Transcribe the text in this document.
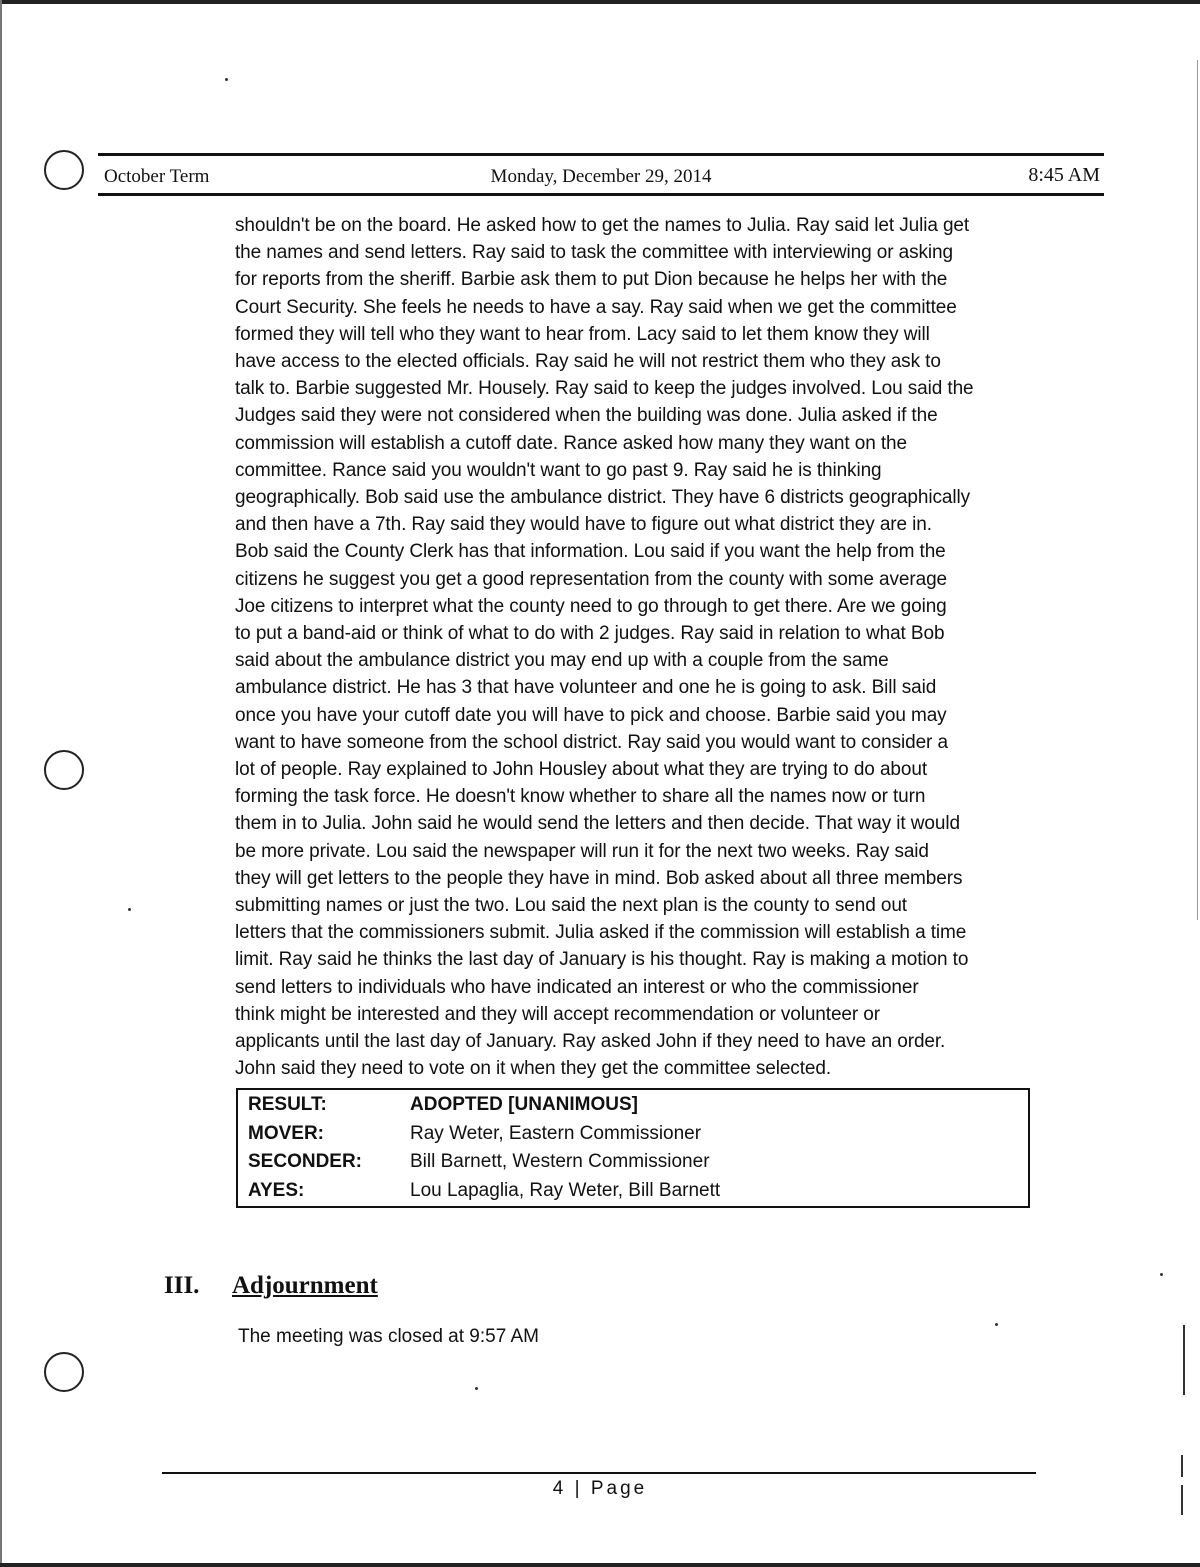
October Term	Monday, December 29, 2014	8:45 AM
shouldn't be on the board. He asked how to get the names to Julia. Ray said let Julia get
the names and send letters. Ray said to task the committee with interviewing or asking
for reports from the sheriff. Barbie ask them to put Dion because he helps her with the
Court Security. She feels he needs to have a say. Ray said when we get the committee
formed they will tell who they want to hear from. Lacy said to let them know they will
have access to the elected officials. Ray said he will not restrict them who they ask to
talk to. Barbie suggested Mr. Housely. Ray said to keep the judges involved. Lou said the
Judges said they were not considered when the building was done. Julia asked if the
commission will establish a cutoff date. Rance asked how many they want on the
committee. Rance said you wouldn't want to go past 9. Ray said he is thinking
geographically. Bob said use the ambulance district. They have 6 districts geographically
and then have a 7th. Ray said they would have to figure out what district they are in.
Bob said the County Clerk has that information. Lou said if you want the help from the
citizens he suggest you get a good representation from the county with some average
Joe citizens to interpret what the county need to go through to get there. Are we going
to put a band-aid or think of what to do with 2 judges. Ray said in relation to what Bob
said about the ambulance district you may end up with a couple from the same
ambulance district. He has 3 that have volunteer and one he is going to ask. Bill said
once you have your cutoff date you will have to pick and choose. Barbie said you may
want to have someone from the school district. Ray said you would want to consider a
lot of people. Ray explained to John Housley about what they are trying to do about
forming the task force. He doesn't know whether to share all the names now or turn
them in to Julia. John said he would send the letters and then decide. That way it would
be more private. Lou said the newspaper will run it for the next two weeks. Ray said
they will get letters to the people they have in mind. Bob asked about all three members
submitting names or just the two. Lou said the next plan is the county to send out
letters that the commissioners submit. Julia asked if the commission will establish a time
limit. Ray said he thinks the last day of January is his thought. Ray is making a motion to
send letters to individuals who have indicated an interest or who the commissioner
think might be interested and they will accept recommendation or volunteer or
applicants until the last day of January. Ray asked John if they need to have an order.
John said they need to vote on it when they get the committee selected.
RESULT:	ADOPTED [UNANIMOUS]
MOVER:	Ray Weter, Eastern Commissioner
SECONDER:	Bill Barnett, Western Commissioner
AYES:	Lou Lapaglia, Ray Weter, Bill Barnett
III. Adjournment
The meeting was closed at 9:57 AM
4 | Page
